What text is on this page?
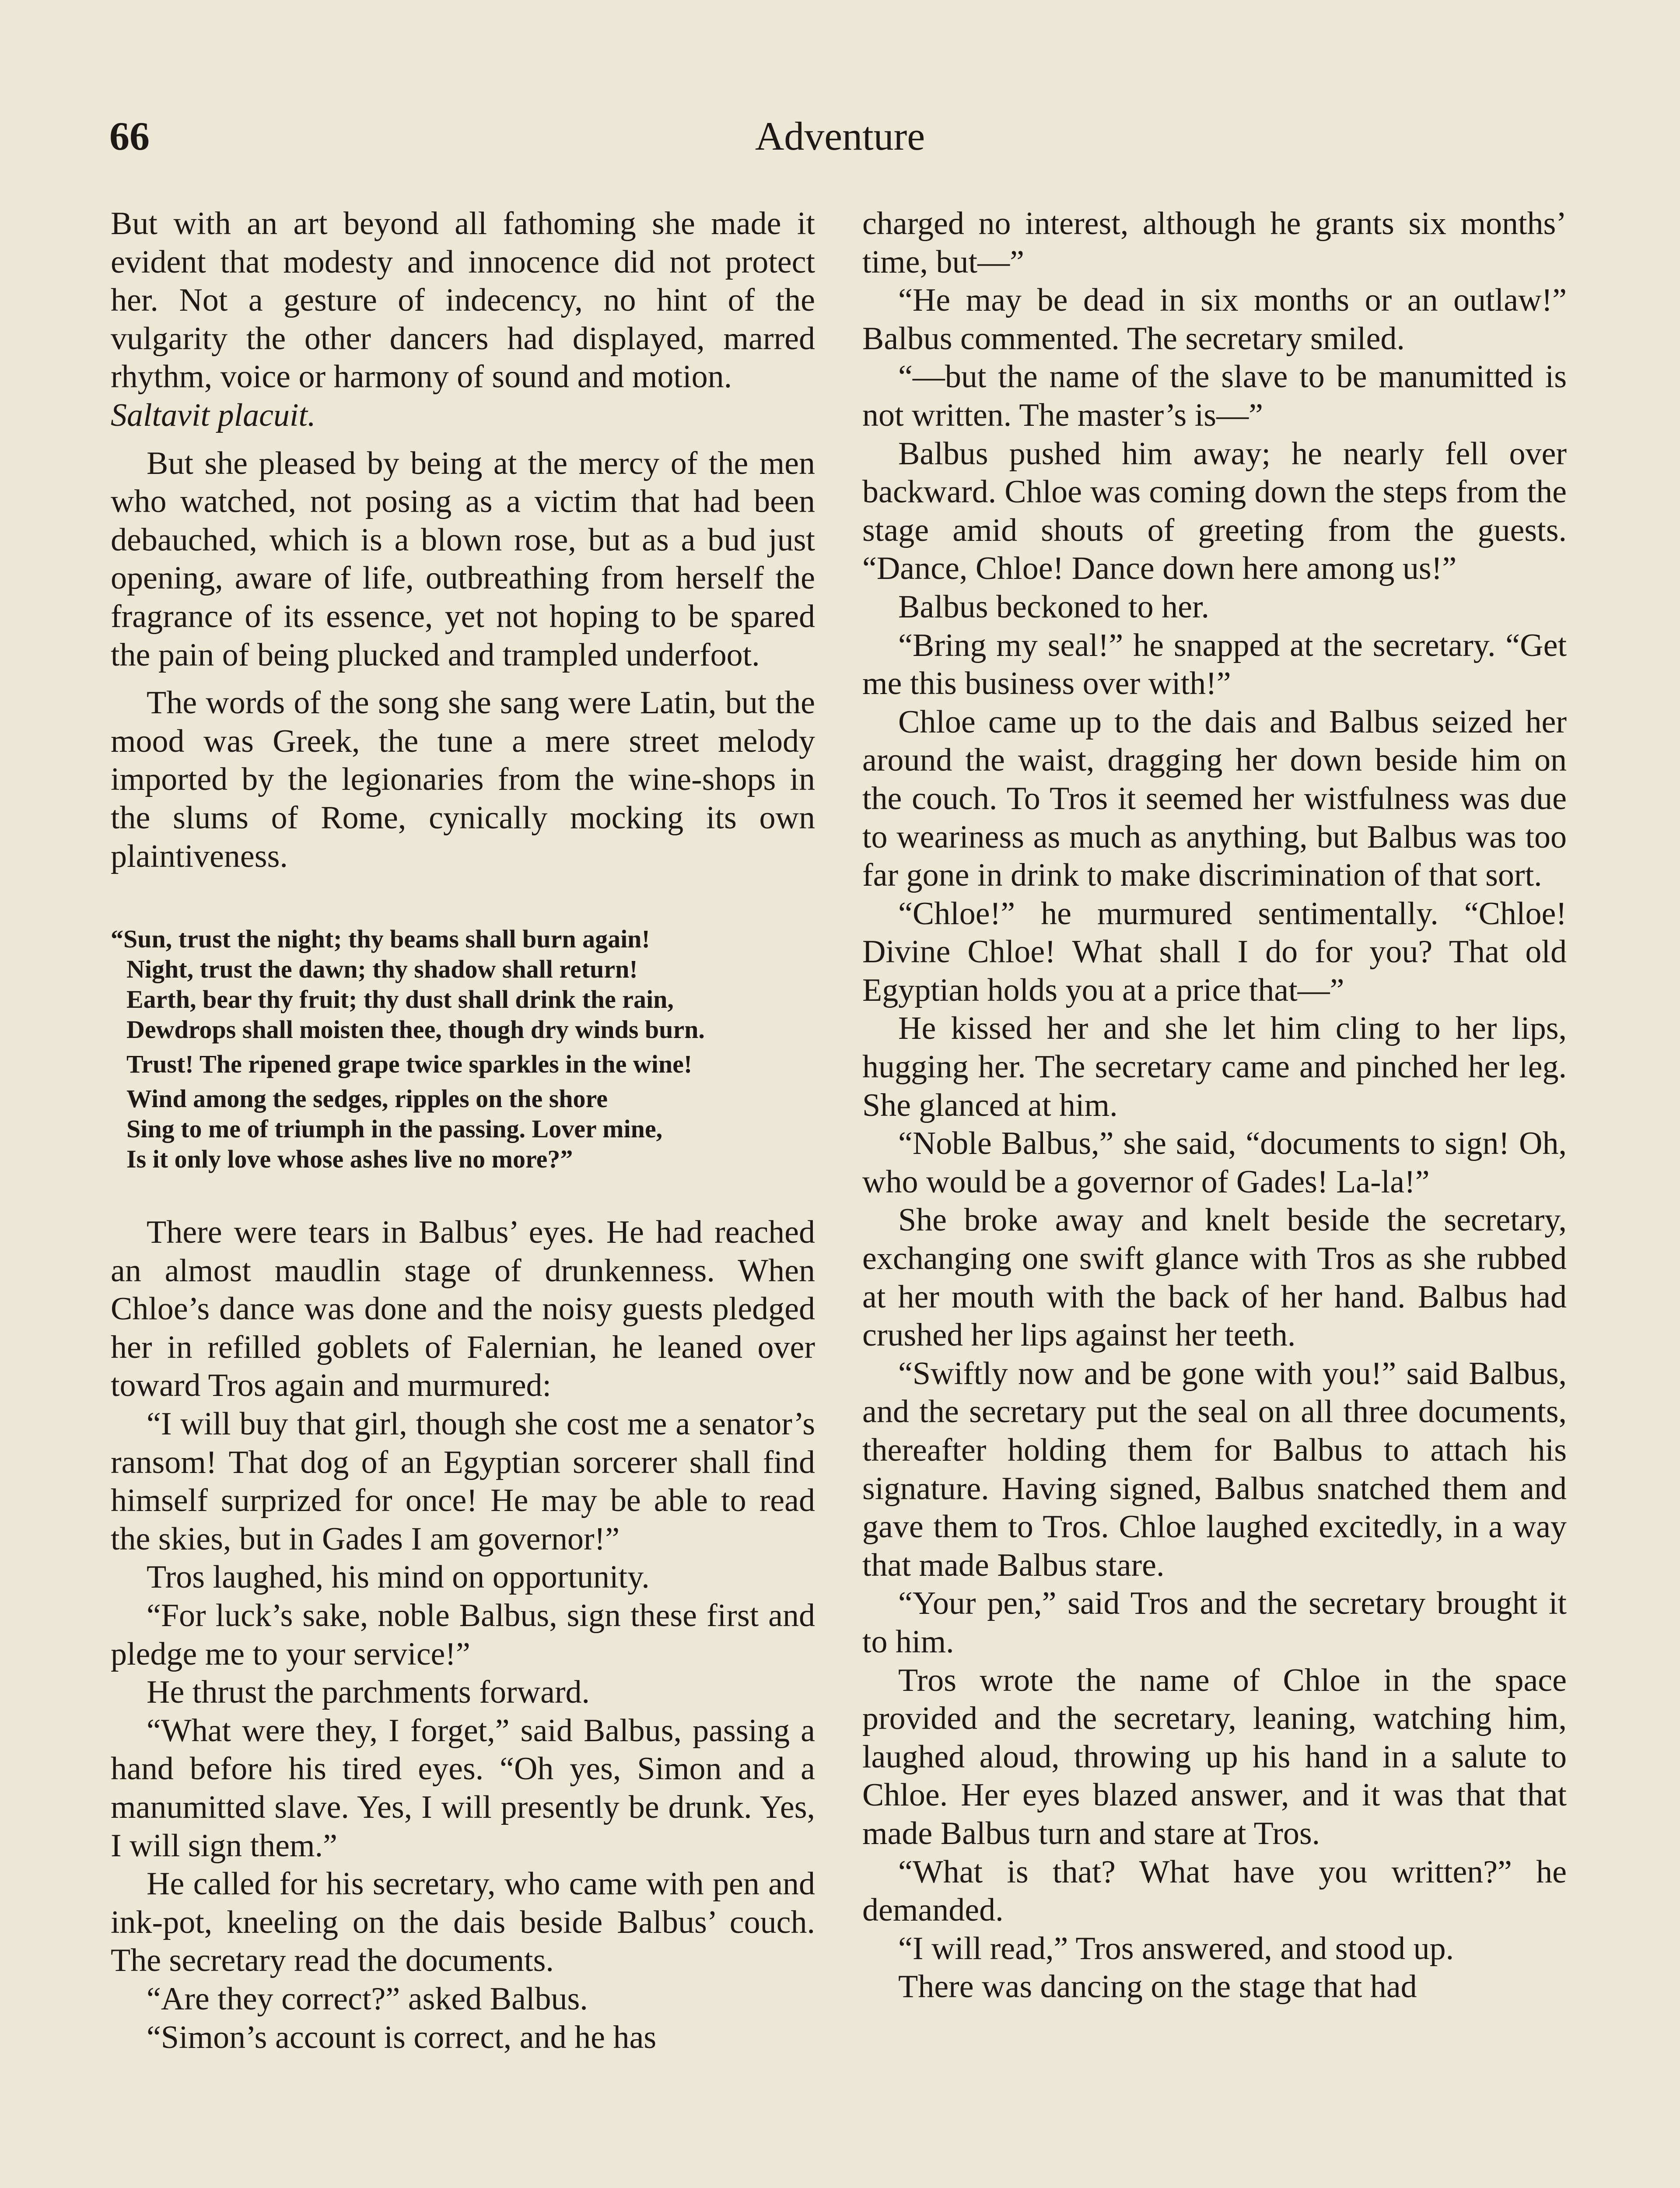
66	Adventure

But with an art beyond all fathoming she made it evident that modesty and innocence did not protect her. Not a gesture of indecency, no hint of the vulgarity the other dancers had displayed, marred rhythm, voice or harmony of sound and motion.
Saltavit placuit.

But she pleased by being at the mercy of the men who watched, not posing as a victim that had been debauched, which is a blown rose, but as a bud just opening, aware of life, outbreathing from herself the fragrance of its essence, yet not hoping to be spared the pain of being plucked and trampled underfoot.

The words of the song she sang were Latin, but the mood was Greek, the tune a mere street melody imported by the legionaries from the wine-shops in the slums of Rome, cynically mocking its own plaintiveness.

“Sun, trust the night; thy beams shall burn again!
Night, trust the dawn; thy shadow shall return!
Earth, bear thy fruit; thy dust shall drink the rain,
Dewdrops shall moisten thee, though dry winds burn.
Trust! The ripened grape twice sparkles in the wine!
Wind among the sedges, ripples on the shore
Sing to me of triumph in the passing. Lover mine,
Is it only love whose ashes live no more?”

There were tears in Balbus’ eyes. He had reached an almost maudlin stage of drunkenness. When Chloe’s dance was done and the noisy guests pledged her in refilled goblets of Falernian, he leaned over toward Tros again and murmured:

“I will buy that girl, though she cost me a senator’s ransom! That dog of an Egyptian sorcerer shall find himself surprized for once! He may be able to read the skies, but in Gades I am governor!”

Tros laughed, his mind on opportunity.

“For luck’s sake, noble Balbus, sign these first and pledge me to your service!”

He thrust the parchments forward.

“What were they, I forget,” said Balbus, passing a hand before his tired eyes. “Oh yes, Simon and a manumitted slave. Yes, I will presently be drunk. Yes, I will sign them.”

He called for his secretary, who came with pen and ink-pot, kneeling on the dais beside Balbus’ couch. The secretary read the documents.

“Are they correct?” asked Balbus.

“Simon’s account is correct, and he has

charged no interest, although he grants six months’ time, but—”

“He may be dead in six months or an outlaw!” Balbus commented. The secretary smiled.

“—but the name of the slave to be manumitted is not written. The master’s is—”

Balbus pushed him away; he nearly fell over backward. Chloe was coming down the steps from the stage amid shouts of greeting from the guests. “Dance, Chloe! Dance down here among us!”

Balbus beckoned to her.

“Bring my seal!” he snapped at the secretary. “Get me this business over with!”

Chloe came up to the dais and Balbus seized her around the waist, dragging her down beside him on the couch. To Tros it seemed her wistfulness was due to weariness as much as anything, but Balbus was too far gone in drink to make discrimination of that sort.

“Chloe!” he murmured sentimentally. “Chloe! Divine Chloe! What shall I do for you? That old Egyptian holds you at a price that—”

He kissed her and she let him cling to her lips, hugging her. The secretary came and pinched her leg. She glanced at him.

“Noble Balbus,” she said, “documents to sign! Oh, who would be a governor of Gades! La-la!”

She broke away and knelt beside the secretary, exchanging one swift glance with Tros as she rubbed at her mouth with the back of her hand. Balbus had crushed her lips against her teeth.

“Swiftly now and be gone with you!” said Balbus, and the secretary put the seal on all three documents, thereafter holding them for Balbus to attach his signature. Having signed, Balbus snatched them and gave them to Tros. Chloe laughed excitedly, in a way that made Balbus stare.

“Your pen,” said Tros and the secretary brought it to him.

Tros wrote the name of Chloe in the space provided and the secretary, leaning, watching him, laughed aloud, throwing up his hand in a salute to Chloe. Her eyes blazed answer, and it was that that made Balbus turn and stare at Tros.

“What is that? What have you written?” he demanded.

“I will read,” Tros answered, and stood up.

There was dancing on the stage that had
